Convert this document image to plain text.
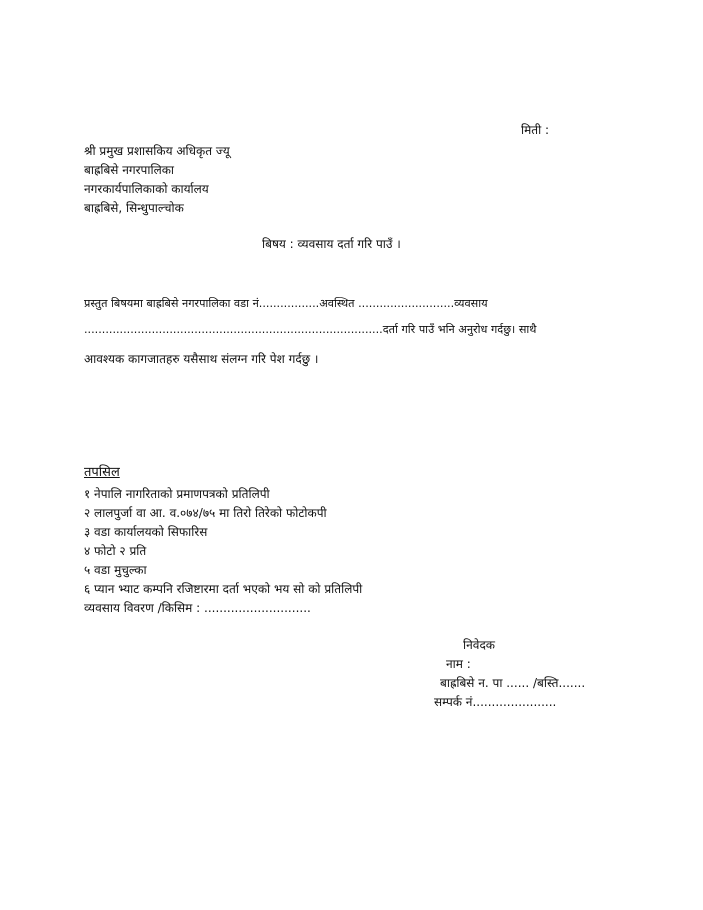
मिती :
श्री प्रमुख प्रशासकिय अधिकृत ज्यू
बाह्रबिसे नगरपालिका
नगरकार्यपालिकाको कार्यालय
बाह्रबिसे, सिन्धुपाल्चोक
बिषय : व्यवसाय दर्ता गरि पाउँ ।
प्रस्तुत बिषयमा बाह्रबिसे नगरपालिका वडा नं.................अवस्थित ...........................व्यवसाय
....................................................................................दर्ता गरि पाउँ भनि अनुरोध गर्दछु। साथै
आवश्यक कागजातहरु यसैसाथ संलग्न गरि पेश गर्दछु ।
तपसिल
१ नेपालि नागरिताको प्रमाणपत्रको प्रतिलिपी
२ लालपुर्जा वा आ. व.०७४/७५ मा तिरो तिरेको फोटोकपी
३ वडा कार्यालयको सिफारिस
४ फोटो २ प्रति
५ वडा मुचुल्का
६ प्यान भ्याट कम्पनि रजिष्टारमा दर्ता भएको भय सो को प्रतिलिपी
व्यवसाय विवरण /किसिम : ............................
निवेदक
नाम :
बाह्रबिसे न. पा ...... /बस्ति.......
सम्पर्क नं......................
